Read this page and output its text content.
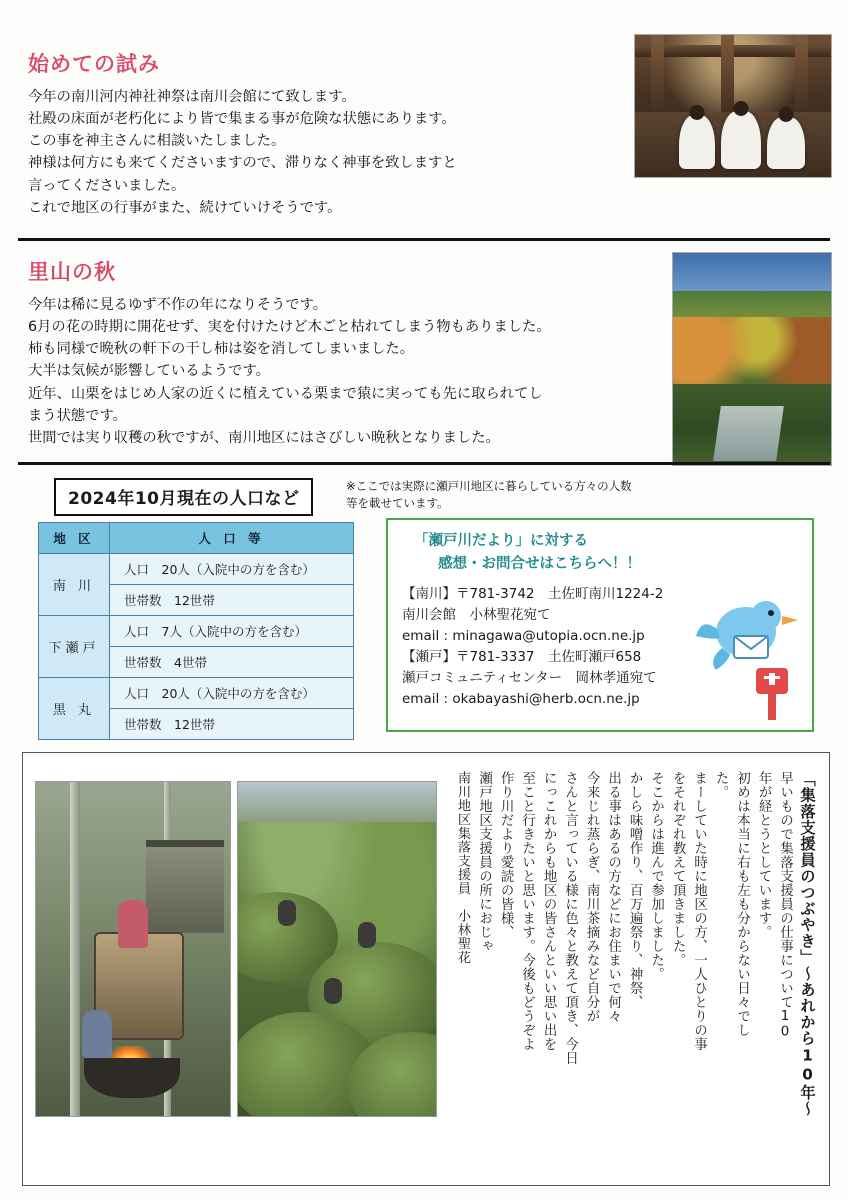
始めての試み
今年の南川河内神社神祭は南川会館にて致します。
社殿の床面が老朽化により皆で集まる事が危険な状態にあります。
この事を神主さんに相談いたしました。
神様は何方にも来てくださいますので、滞りなく神事を致しますと
言ってくださいました。
これで地区の行事がまた、続けていけそうです。
里山の秋
今年は稀に見るゆず不作の年になりそうです。
6月の花の時期に開花せず、実を付けたけど木ごと枯れてしまう物もありました。
柿も同様で晩秋の軒下の干し柿は姿を消してしまいました。
大半は気候が影響しているようです。
近年、山栗をはじめ人家の近くに植えている栗まで猿に実っても先に取られてし
まう状態です。
世間では実り収穫の秋ですが、南川地区にはさびしい晩秋となりました。
2024年10月現在の人口など
※ここでは実際に瀬戸川地区に暮らしている方々の人数等を載せています。
地 区	人 口 等
南 川	人口　20人（入院中の方を含む）
	世帯数　12世帯
下瀬戸	人口　7人（入院中の方を含む）
	世帯数　4世帯
黒 丸	人口　20人（入院中の方を含む）
	世帯数　12世帯
「瀬戸川だより」に対する
感想・お問合せはこちらへ！！
【南川】〒781-3742　土佐町南川1224-2
南川会館　小林聖花宛て
email : minagawa@utopia.ocn.ne.jp
【瀬戸】〒781-3337　土佐町瀬戸658
瀬戸コミュニティセンター　岡林孝通宛て
email : okabayashi@herb.ocn.ne.jp
「集落支援員のつぶやき」～あれから10年～
早いもので集落支援員の仕事について10
年が経とうとしています。
初めは本当に右も左も分からない日々でし
た。
まーしていた時に地区の方、一人ひとりの事
をそれぞれ教えて頂きました。
そこからは進んで参加しました。
かしら味噌作り、百万遍祭り、神祭、
出る事はあるの方などにお住まいで何々
今来じれ蒸らぎ、南川茶摘みなど自分が
さんと言っている様に色々と教えて頂き、今日
にっこれからも地区の皆さんといい思い出を
至こと行きたいと思います。今後もどうぞよ
作り川だより愛読の皆様、
瀬戸地区支援員の所におじゃ
南川地区集落支援員　小林聖花
